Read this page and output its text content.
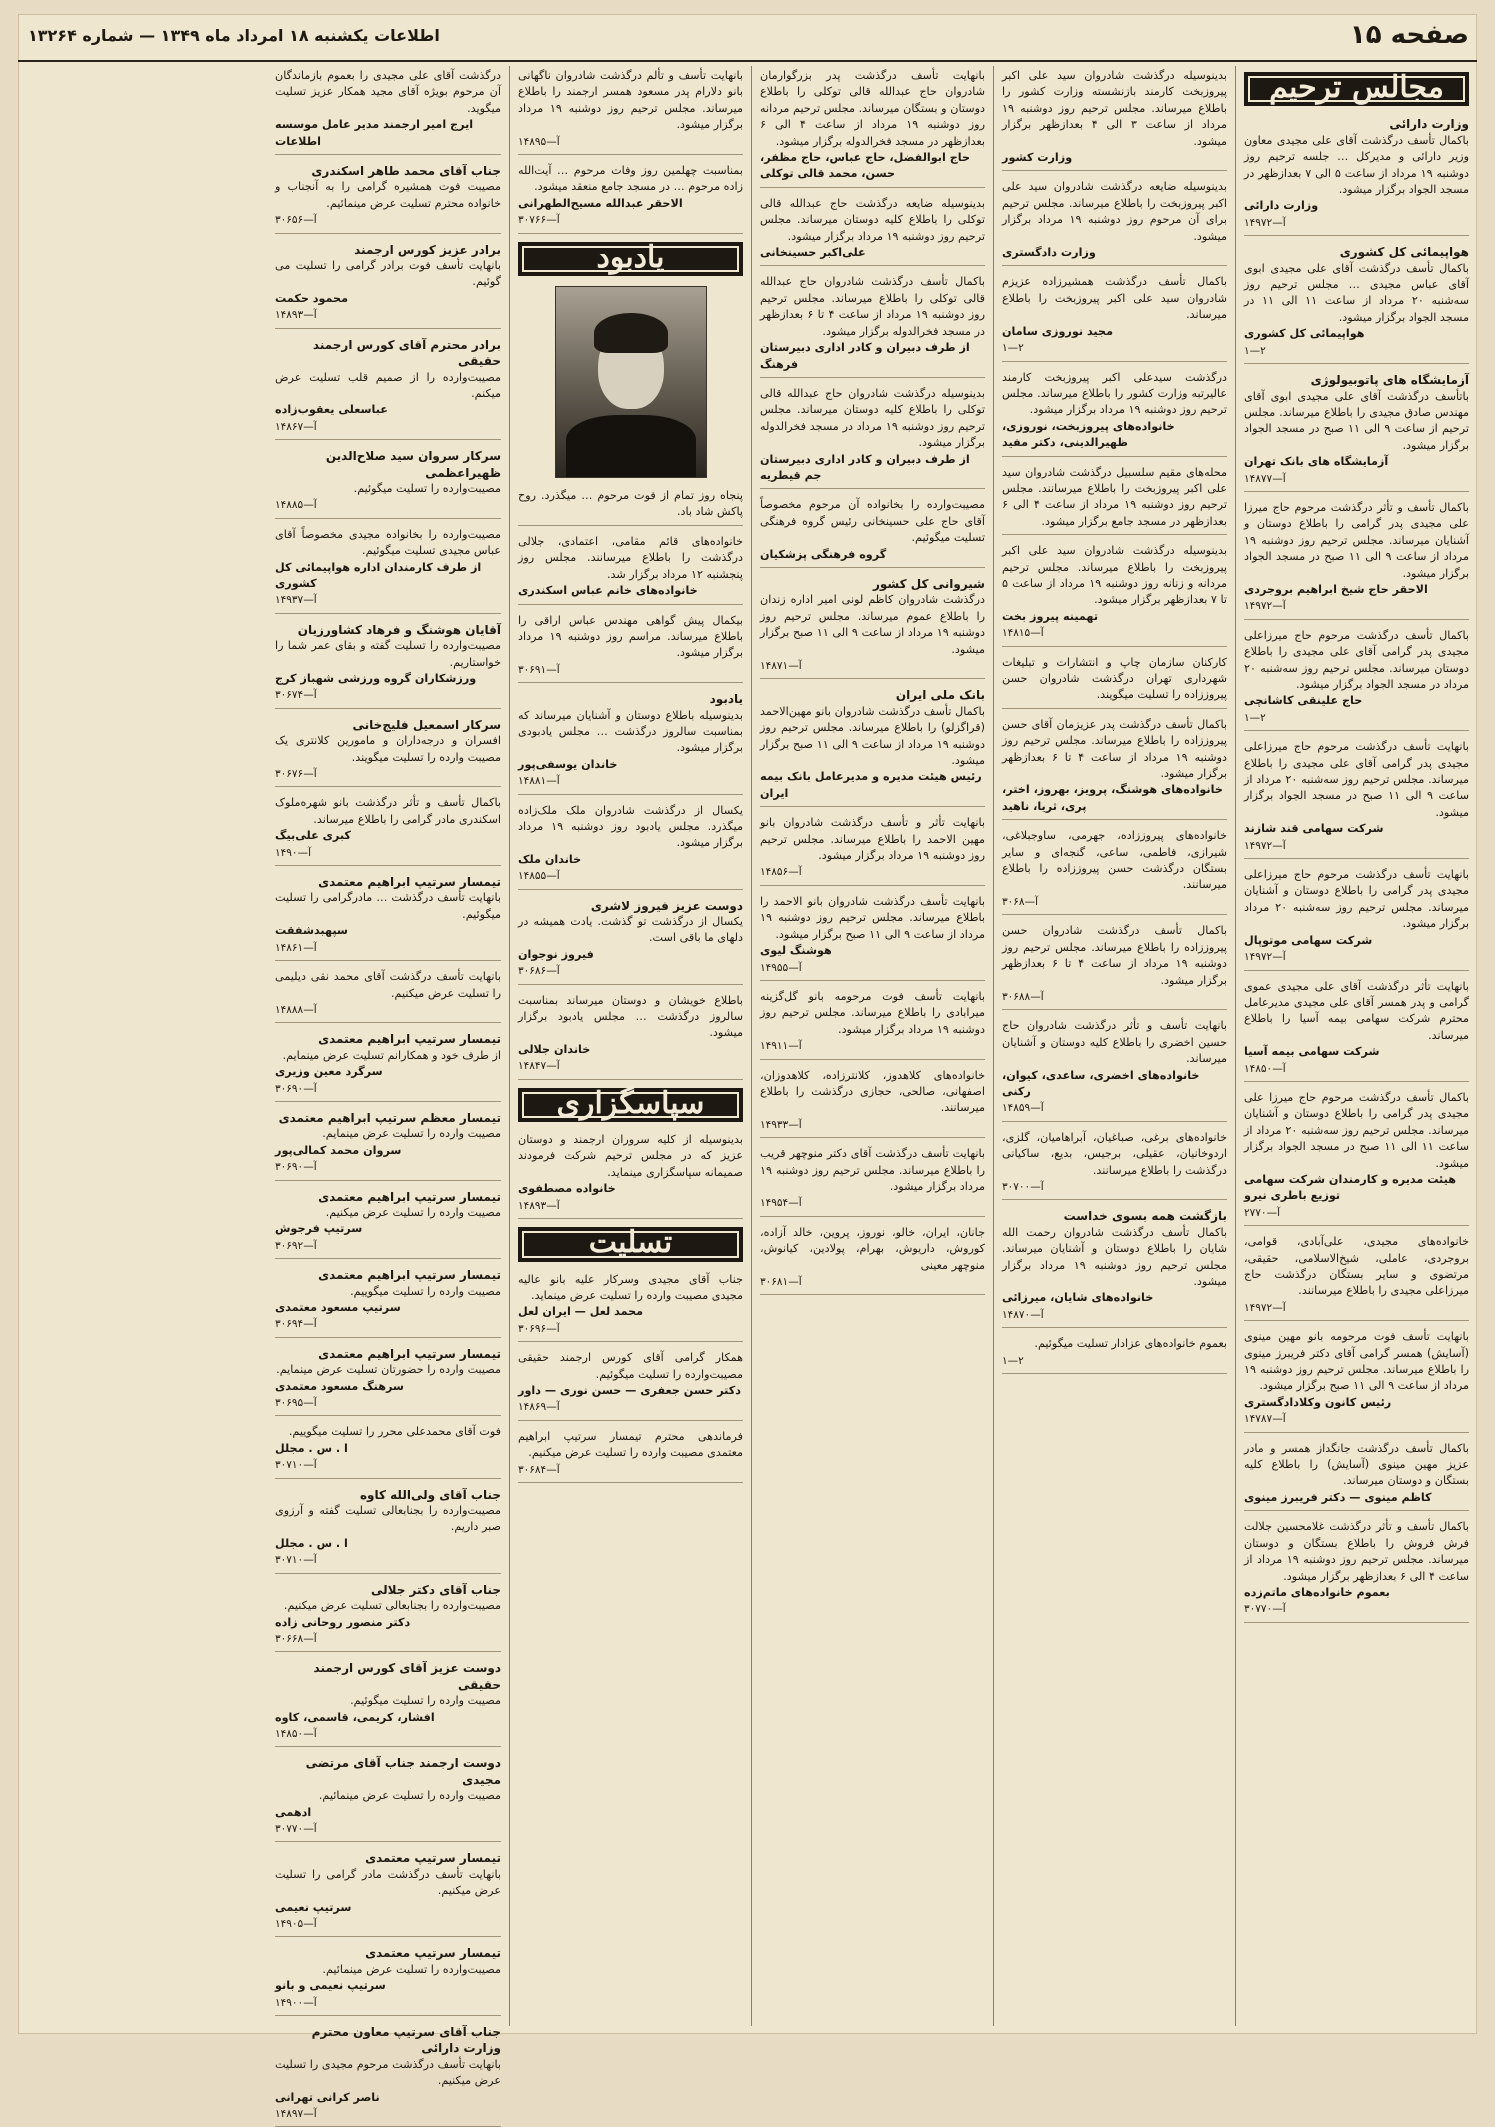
صفحه ۱۵
اطلاعات یکشنبه ۱۸ امرداد ماه ۱۳۴۹ — شماره ۱۳۲۶۴
مجالس ترحیم
وزارت دارائی
باکمال تأسف درگذشت آقای علی مجیدی معاون وزیر دارائی و مدیرکل … جلسه ترحیم روز دوشنبه ۱۹ مرداد از ساعت ۵ الی ۷ بعدازظهر در مسجد الجواد برگزار میشود.
وزارت دارائی
آ—۱۴۹۷۲
هواپیمائی کل کشوری
باکمال تأسف درگذشت آقای علی مجیدی ابوی آقای عباس مجیدی … مجلس ترحیم روز سه‌شنبه ۲۰ مرداد از ساعت ۱۱ الی ۱۱ در مسجد الجواد برگزار میشود.
هواپیمائی کل کشوری
۲—۱
آزمایشگاه های پاتوبیولوژی
باتأسف درگذشت آقای علی مجیدی ابوی آقای مهندس صادق مجیدی را باطلاع میرساند. مجلس ترحیم از ساعت ۹ الی ۱۱ صبح در مسجد الجواد برگزار میشود.
آزمایشگاه های بانک تهران
آ—۱۴۸۷۷
باکمال تأسف و تأثر درگذشت مرحوم حاج میرزا علی مجیدی پدر گرامی را باطلاع دوستان و آشنایان میرساند. مجلس ترحیم روز دوشنبه ۱۹ مرداد از ساعت ۹ الی ۱۱ صبح در مسجد الجواد برگزار میشود.
الاحقر حاج شیخ ابراهیم بروجردی
آ—۱۴۹۷۲
باکمال تأسف درگذشت مرحوم حاج میرزاعلی مجیدی پدر گرامی آقای علی مجیدی را باطلاع دوستان میرساند. مجلس ترحیم روز سه‌شنبه ۲۰ مرداد در مسجد الجواد برگزار میشود.
حاج علینقی کاشانچی
۲—۱
بانهایت تأسف درگذشت مرحوم حاج میرزاعلی مجیدی پدر گرامی آقای علی مجیدی را باطلاع میرساند. مجلس ترحیم روز سه‌شنبه ۲۰ مرداد از ساعت ۹ الی ۱۱ صبح در مسجد الجواد برگزار میشود.
شرکت سهامی قند شازند
آ—۱۴۹۷۲
بانهایت تأسف درگذشت مرحوم حاج میرزاعلی مجیدی پدر گرامی را باطلاع دوستان و آشنایان میرساند. مجلس ترحیم روز سه‌شنبه ۲۰ مرداد برگزار میشود.
شرکت سهامی موتوپال
آ—۱۴۹۷۲
بانهایت تأثر درگذشت آقای علی مجیدی عموی گرامی و پدر همسر آقای علی مجیدی مدیرعامل محترم شرکت سهامی بیمه آسیا را باطلاع میرساند.
شرکت سهامی بیمه آسیا
آ—۱۴۸۵۰
باکمال تأسف درگذشت مرحوم حاج میرزا علی مجیدی پدر گرامی را باطلاع دوستان و آشنایان میرساند. مجلس ترحیم روز سه‌شنبه ۲۰ مرداد از ساعت ۱۱ الی ۱۱ صبح در مسجد الجواد برگزار میشود.
هیئت مدیره و کارمندان شرکت سهامی توزیع باطری نیرو
آ—۲۷۷۰
خانواده‌های مجیدی، علی‌آبادی، قوامی، بروجردی، عاملی، شیخ‌الاسلامی، حقیقی، مرتضوی و سایر بستگان درگذشت حاج میرزاعلی مجیدی را باطلاع میرسانند.
آ—۱۴۹۷۲
بانهایت تأسف فوت مرحومه بانو مهین مینوی (آسایش) همسر گرامی آقای دکتر فریبرز مینوی را باطلاع میرساند. مجلس ترحیم روز دوشنبه ۱۹ مرداد از ساعت ۹ الی ۱۱ صبح برگزار میشود.
رئیس کانون وکلادادگستری
آ—۱۴۷۸۷
باکمال تأسف درگذشت جانگداز همسر و مادر عزیز مهین مینوی (آسایش) را باطلاع کلیه بستگان و دوستان میرساند.
کاظم مینوی — دکتر فریبرز مینوی
باکمال تأسف و تأثر درگذشت غلامحسین جلالت فرش فروش را باطلاع بستگان و دوستان میرساند. مجلس ترحیم روز دوشنبه ۱۹ مرداد از ساعت ۴ الی ۶ بعدازظهر برگزار میشود.
بعموم خانواده‌های ماتم‌زده
آ—۳۰۷۷۰
بدینوسیله درگذشت شادروان سید علی اکبر پیروزبخت کارمند بازنشسته وزارت کشور را باطلاع میرساند. مجلس ترحیم روز دوشنبه ۱۹ مرداد از ساعت ۳ الی ۴ بعدازظهر برگزار میشود.
وزارت کشور
بدینوسیله ضایعه درگذشت شادروان سید علی اکبر پیروزبخت را باطلاع میرساند. مجلس ترحیم برای آن مرحوم روز دوشنبه ۱۹ مرداد برگزار میشود.
وزارت دادگستری
باکمال تأسف درگذشت همشیرزاده عزیزم شادروان سید علی اکبر پیروزبخت را باطلاع میرساند.
مجید نوروزی سامان
۲—۱
درگذشت سیدعلی اکبر پیروزبخت کارمند عالیرتبه وزارت کشور را باطلاع میرساند. مجلس ترحیم روز دوشنبه ۱۹ مرداد برگزار میشود.
خانواده‌های پیروزبخت، نوروزی، ظهیرالدینی، دکتر مفید
محله‌های مقیم سلسبیل درگذشت شادروان سید علی اکبر پیروزبخت را باطلاع میرسانند. مجلس ترحیم روز دوشنبه ۱۹ مرداد از ساعت ۴ الی ۶ بعدازظهر در مسجد جامع برگزار میشود.
بدینوسیله درگذشت شادروان سید علی اکبر پیروزبخت را باطلاع میرساند. مجلس ترحیم مردانه و زنانه روز دوشنبه ۱۹ مرداد از ساعت ۵ تا ۷ بعدازظهر برگزار میشود.
تهمینه پیروز بخت
آ—۱۴۸۱۵
کارکنان سازمان چاپ و انتشارات و تبلیغات شهرداری تهران درگذشت شادروان حسن پیروززاده را تسلیت میگویند.
باکمال تأسف درگذشت پدر عزیزمان آقای حسن پیروززاده را باطلاع میرساند. مجلس ترحیم روز دوشنبه ۱۹ مرداد از ساعت ۴ تا ۶ بعدازظهر برگزار میشود.
خانواده‌های هوشنگ، پرویز، بهروز، اختر، پری، ثریا، ناهید
خانواده‌های پیروززاده، جهرمی، ساوجبلاغی، شیرازی، فاطمی، ساعی، گنجه‌ای و سایر بستگان درگذشت حسن پیروززاده را باطلاع میرسانند.
آ—۳۰۶۸
باکمال تأسف درگذشت شادروان حسن پیروززاده را باطلاع میرساند. مجلس ترحیم روز دوشنبه ۱۹ مرداد از ساعت ۴ تا ۶ بعدازظهر برگزار میشود.
آ—۳۰۶۸۸
بانهایت تأسف و تأثر درگذشت شادروان حاج حسین اخضری را باطلاع کلیه دوستان و آشنایان میرساند.
خانواده‌های اخضری، ساعدی، کیوان، رکنی
آ—۱۴۸۵۹
خانواده‌های برغی، صباغیان، آبراهامیان، گلزی، اردوخانیان، عقیلی، برجیس، بدیع، ساکیانی درگذشت را باطلاع میرسانند.
آ—۳۰۷۰۰
بازگشت همه بسوی خداست
باکمال تأسف درگذشت شادروان رحمت الله شایان را باطلاع دوستان و آشنایان میرساند. مجلس ترحیم روز دوشنبه ۱۹ مرداد برگزار میشود.
خانواده‌های شایان، میرزائی
آ—۱۴۸۷۰
بعموم خانواده‌های عزادار تسلیت میگوئیم.
۲—۱
بانهایت تأسف درگذشت پدر بزرگوارمان شادروان حاج عبدالله قالی توکلی را باطلاع دوستان و بستگان میرساند. مجلس ترحیم مردانه روز دوشنبه ۱۹ مرداد از ساعت ۴ الی ۶ بعدازظهر در مسجد فخرالدوله برگزار میشود.
حاج ابوالفضل، حاج عباس، حاج مظفر، حسن، محمد قالی توکلی
بدینوسیله ضایعه درگذشت حاج عبدالله قالی توکلی را باطلاع کلیه دوستان میرساند. مجلس ترحیم روز دوشنبه ۱۹ مرداد برگزار میشود.
علی‌اکبر حسینخانی
باکمال تأسف درگذشت شادروان حاج عبدالله قالی توکلی را باطلاع میرساند. مجلس ترحیم روز دوشنبه ۱۹ مرداد از ساعت ۴ تا ۶ بعدازظهر در مسجد فخرالدوله برگزار میشود.
از طرف دبیران و کادر اداری دبیرستان فرهنگ
بدینوسیله درگذشت شادروان حاج عبدالله قالی توکلی را باطلاع کلیه دوستان میرساند. مجلس ترحیم روز دوشنبه ۱۹ مرداد در مسجد فخرالدوله برگزار میشود.
از طرف دبیران و کادر اداری دبیرستان جم قیطریه
مصیبت‌وارده را بخانواده آن مرحوم مخصوصاً آقای حاج علی حسینخانی رئیس گروه فرهنگی تسلیت میگوئیم.
گروه فرهنگی پزشکیان
شیروانی کل کشور
درگذشت شادروان کاظم لونی امیر اداره زندان را باطلاع عموم میرساند. مجلس ترحیم روز دوشنبه ۱۹ مرداد از ساعت ۹ الی ۱۱ صبح برگزار میشود.
آ—۱۴۸۷۱
بانک ملی ایران
باکمال تأسف درگذشت شادروان بانو مهین‌الاحمد (قراگزلو) را باطلاع میرساند. مجلس ترحیم روز دوشنبه ۱۹ مرداد از ساعت ۹ الی ۱۱ صبح برگزار میشود.
رئیس هیئت مدیره و مدیرعامل بانک بیمه ایران
بانهایت تأثر و تأسف درگذشت شادروان بانو مهین الاحمد را باطلاع میرساند. مجلس ترحیم روز دوشنبه ۱۹ مرداد برگزار میشود.
آ—۱۴۸۵۶
بانهایت تأسف درگذشت شادروان بانو الاحمد را باطلاع میرساند. مجلس ترحیم روز دوشنبه ۱۹ مرداد از ساعت ۹ الی ۱۱ صبح برگزار میشود.
هوشنگ لیوی
آ—۱۴۹۵۵
بانهایت تأسف فوت مرحومه بانو گل‌گزینه میرابادی را باطلاع میرساند. مجلس ترحیم روز دوشنبه ۱۹ مرداد برگزار میشود.
آ—۱۴۹۱۱
خانواده‌های کلاهدوز، کلانترزاده، کلاهدوزان، اصفهانی، صالحی، حجازی درگذشت را باطلاع میرسانند.
آ—۱۴۹۳۳
بانهایت تأسف درگذشت آقای دکتر منوچهر قریب را باطلاع میرساند. مجلس ترحیم روز دوشنبه ۱۹ مرداد برگزار میشود.
آ—۱۴۹۵۴
جانان، ایران، خالو، نوروز، پروین، خالد آزاده، کوروش، داریوش، بهرام، پولادین، کیانوش، منوچهر معینی
آ—۳۰۶۸۱
بانهایت تأسف و تألم درگذشت شادروان ناگهانی بانو دلارام پدر مسعود همسر ارجمند را باطلاع میرساند. مجلس ترحیم روز دوشنبه ۱۹ مرداد برگزار میشود.
آ—۱۴۸۹۵
بمناسبت چهلمین روز وفات مرحوم … آیت‌الله زاده مرحوم … در مسجد جامع منعقد میشود.
الاحقر عبدالله مسیح‌الطهرانی
آ—۳۰۷۶۶
یادبود
پنجاه روز تمام از فوت مرحوم … میگذرد. روح پاکش شاد باد.
خانواده‌های قائم مقامی، اعتمادی، جلالی درگذشت را باطلاع میرسانند. مجلس روز پنجشنبه ۱۲ مرداد برگزار شد.
خانواده‌های خانم عباس اسکندری
بیکمال پیش گواهی مهندس عباس اراقی را باطلاع میرساند. مراسم روز دوشنبه ۱۹ مرداد برگزار میشود.
آ—۳۰۶۹۱
یادبود
بدینوسیله باطلاع دوستان و آشنایان میرساند که بمناسبت سالروز درگذشت … مجلس یادبودی برگزار میشود.
خاندان یوسفی‌پور
آ—۱۴۸۸۱
یکسال از درگذشت شادروان ملک ملک‌زاده میگذرد. مجلس یادبود روز دوشنبه ۱۹ مرداد برگزار میشود.
خاندان ملک
آ—۱۴۸۵۵
دوست عزیز فیروز لاشری
یکسال از درگذشت تو گذشت. یادت همیشه در دلهای ما باقی است.
فیروز نوجوان
آ—۳۰۶۸۶
باطلاع خویشان و دوستان میرساند بمناسبت سالروز درگذشت … مجلس یادبود برگزار میشود.
خاندان جلالی
آ—۱۴۸۴۷
سپاسگزاری
بدینوسیله از کلیه سروران ارجمند و دوستان عزیز که در مجلس ترحیم شرکت فرمودند صمیمانه سپاسگزاری مینماید.
خانواده مصطفوی
آ—۱۴۸۹۳
تسلیت
جناب آقای مجیدی وسرکار علیه بانو عالیه مجیدی مصیبت وارده را تسلیت عرض مینماید.
محمد لعل — ایران لعل
آ—۳۰۶۹۶
همکار گرامی آقای کورس ارجمند حقیقی مصیبت‌وارده را تسلیت میگوئیم.
دکتر حسن جعفری — حسن نوری — داور
آ—۱۴۸۶۹
فرماندهی محترم تیمسار سرتیپ ابراهیم معتمدی مصیبت وارده را تسلیت عرض میکنیم.
آ—۳۰۶۸۴
درگذشت آقای علی مجیدی را بعموم بازماندگان آن مرحوم بویژه آقای مجید همکار عزیز تسلیت میگوید.
ایرج امیر ارجمند مدیر عامل موسسه اطلاعات
جناب آقای محمد طاهر اسکندری
مصیبت فوت همشیره گرامی را به آنجناب و خانواده محترم تسلیت عرض مینمائیم.
آ—۳۰۶۵۶
برادر عزیز کورس ارجمند
بانهایت تأسف فوت برادر گرامی را تسلیت می گوئیم.
محمود حکمت
آ—۱۴۸۹۳
برادر محترم آقای کورس ارجمند حقیقی
مصیبت‌وارده را از صمیم قلب تسلیت عرض میکنم.
عباسعلی یعقوب‌زاده
آ—۱۴۸۶۷
سرکار سروان سید صلاح‌الدین ظهیراعظمی
مصیبت‌وارده را تسلیت میگوئیم.
آ—۱۴۸۸۵
مصیبت‌وارده را بخانواده مجیدی مخصوصاً آقای عباس مجیدی تسلیت میگوئیم.
از طرف کارمندان اداره هواپیمائی کل کشوری
آ—۱۴۹۳۷
آقایان هوشنگ و فرهاد کشاورزیان
مصیبت‌وارده را تسلیت گفته و بقای عمر شما را خواستاریم.
ورزشکاران گروه ورزشی شهباز کرج
آ—۳۰۶۷۴
سرکار اسمعیل فلیج‌خانی
افسران و درجه‌داران و مامورین کلانتری یک مصیبت وارده را تسلیت میگویند.
آ—۳۰۶۷۶
باکمال تأسف و تأثر درگذشت بانو شهره‌ملوک اسکندری مادر گرامی را باطلاع میرساند.
کبری علی‌بیگ
آ—۱۴۹۰
تیمسار سرتیپ ابراهیم معتمدی
بانهایت تأسف درگذشت … مادرگرامی را تسلیت میگوئیم.
سپهبدشفقت
آ—۱۴۸۶۱
بانهایت تأسف درگذشت آقای محمد نقی دیلیمی را تسلیت عرض میکنیم.
آ—۱۴۸۸۸
تیمسار سرتیپ ابراهیم معتمدی
از طرف خود و همکارانم تسلیت عرض مینمایم.
سرگرد معین وزیری
آ—۳۰۶۹۰
تیمسار معظم سرتیپ ابراهیم معتمدی
مصیبت وارده را تسلیت عرض مینمایم.
سروان محمد کمالی‌پور
آ—۳۰۶۹۰
تیمسار سرتیپ ابراهیم معتمدی
مصیبت وارده را تسلیت عرض میکنیم.
سرتیپ فرجوش
آ—۳۰۶۹۲
تیمسار سرتیپ ابراهیم معتمدی
مصیبت وارده را تسلیت میگوییم.
سرتیپ مسعود معتمدی
آ—۳۰۶۹۴
تیمسار سرتیپ ابراهیم معتمدی
مصیبت وارده را حضورتان تسلیت عرض مینمایم.
سرهنگ مسعود معتمدی
آ—۳۰۶۹۵
فوت آقای محمدعلی محرر را تسلیت میگوییم.
ا . س . مجلل
آ—۳۰۷۱۰
جناب آقای ولی‌الله کاوه
مصیبت‌وارده را بجنابعالی تسلیت گفته و آرزوی صبر داریم.
ا . س . مجلل
آ—۳۰۷۱۰
جناب آقای دکتر جلالی
مصیبت‌وارده را بجنابعالی تسلیت عرض میکنیم.
دکتر منصور روحانی زاده
آ—۳۰۶۶۸
دوست عزیز آقای کورس ارجمند حقیقی
مصیبت وارده را تسلیت میگوئیم.
افشار، کریمی، قاسمی، کاوه
آ—۱۴۸۵۰
دوست ارجمند جناب آقای مرتضی مجیدی
مصیبت وارده را تسلیت عرض مینمائیم.
ادهمی
آ—۳۰۷۷۰
تیمسار سرتیپ معتمدی
بانهایت تأسف درگذشت مادر گرامی را تسلیت عرض میکنیم.
سرتیپ نعیمی
آ—۱۴۹۰۵
تیمسار سرتیپ معتمدی
مصیبت‌وارده را تسلیت عرض مینمائیم.
سرتیپ نعیمی و بانو
آ—۱۴۹۰۰
جناب آقای سرتیپ معاون محترم وزارت دارائی
بانهایت تأسف درگذشت مرحوم مجیدی را تسلیت عرض میکنیم.
ناصر کرانی تهرانی
آ—۱۴۸۹۷
